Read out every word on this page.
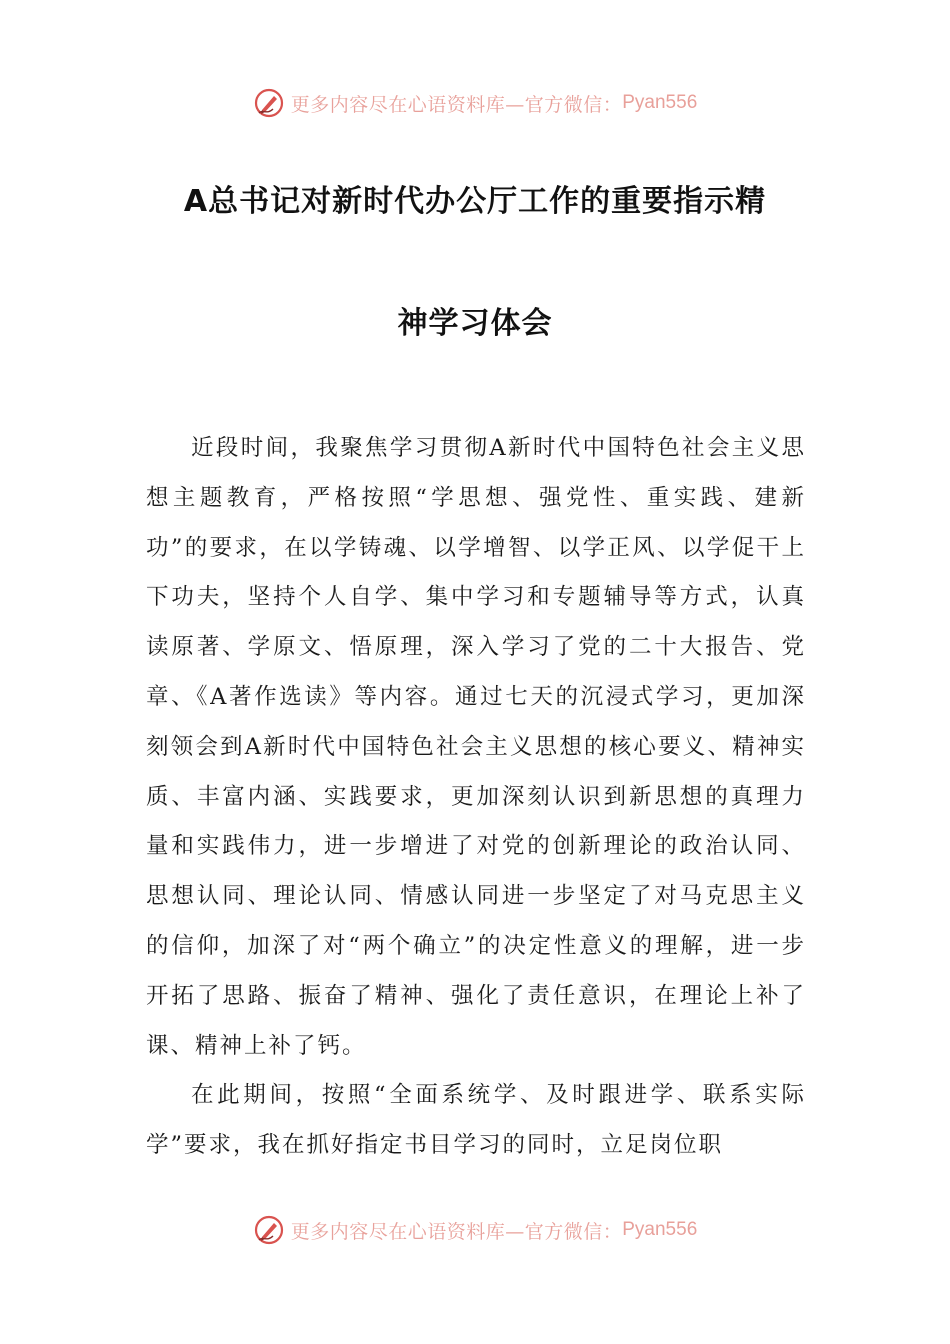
更多内容尽在心语资料库—官方微信： Pyan556
A总书记对新时代办公厅工作的重要指示精
神学习体会

近段时间，我聚焦学习贯彻A新时代中国特色社会主义思想主题教育，严格按照“学思想、强党性、重实践、建新功”的要求，在以学铸魂、以学增智、以学正风、以学促干上下功夫，坚持个人自学、集中学习和专题辅导等方式，认真读原著、学原文、悟原理，深入学习了党的二十大报告、党章、《A著作选读》等内容。通过七天的沉浸式学习，更加深刻领会到A新时代中国特色社会主义思想的核心要义、精神实质、丰富内涵、实践要求，更加深刻认识到新思想的真理力量和实践伟力，进一步增进了对党的创新理论的政治认同、思想认同、理论认同、情感认同进一步坚定了对马克思主义的信仰，加深了对“两个确立”的决定性意义的理解，进一步开拓了思路、振奋了精神、强化了责任意识，在理论上补了课、精神上补了钙。

在此期间，按照“全面系统学、及时跟进学、联系实际学”要求，我在抓好指定书目学习的同时，立足岗位职

更多内容尽在心语资料库—官方微信： Pyan556
